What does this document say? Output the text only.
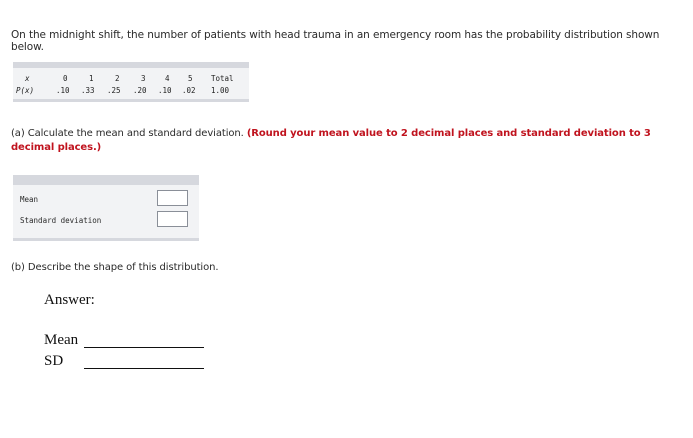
On the midnight shift, the number of patients with head trauma in an emergency room has the probability distribution shown below.
x	0	1	2	3	4 5 Total
P(x)	.10 .33 .25 .20 .10 .02 1.00
(a) Calculate the mean and standard deviation. (Round your mean value to 2 decimal places and standard deviation to 3 decimal places.)
Mean
Standard deviation
(b) Describe the shape of this distribution.
Answer:
Mean
SD
